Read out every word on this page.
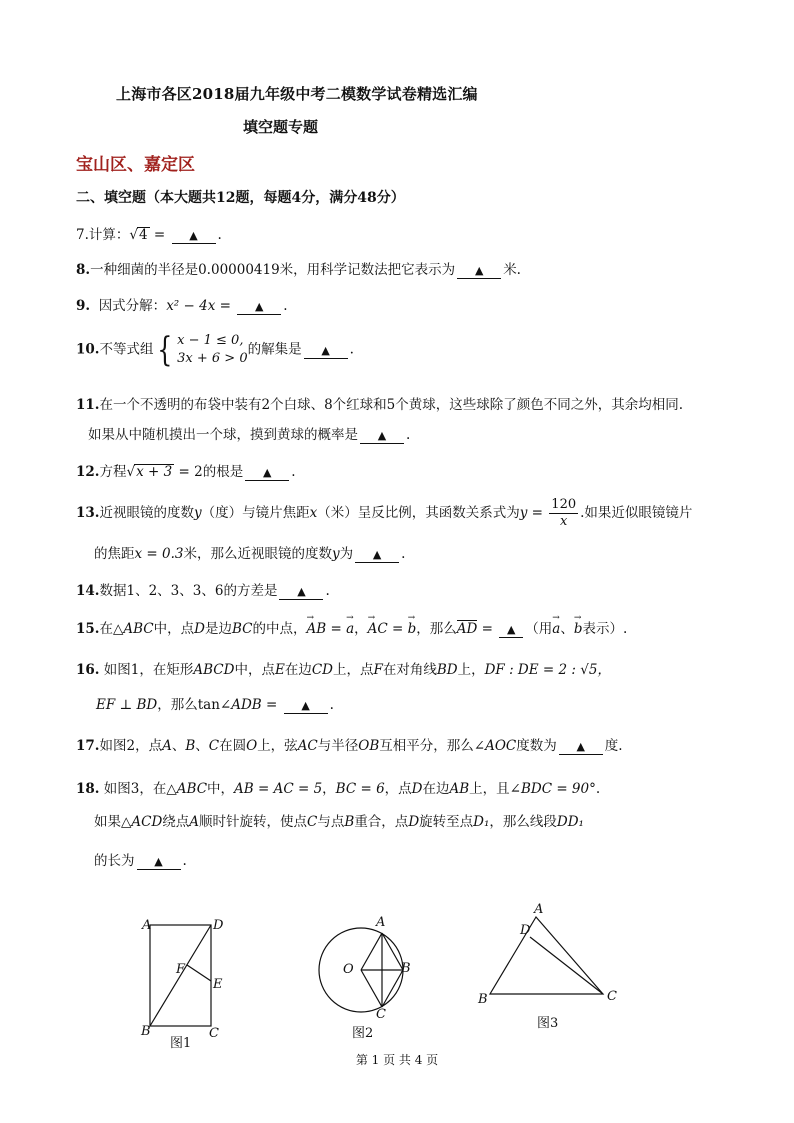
上海市各区2018届九年级中考二模数学试卷精选汇编
填空题专题
宝山区、嘉定区
二、填空题（本大题共12题，每题4分，满分48分）
7.计算：√4 = ▲ .
8.一种细菌的半径是0.00000419米，用科学记数法把它表示为 ▲ 米.
9. 因式分解：x² − 4x = ▲ .
10.不等式组{ x − 1 ≤ 0,
3x + 6 > 0
的解集是 ▲ .
11.在一个不透明的布袋中装有2个白球、8个红球和5个黄球，这些球除了颜色不同之外，其余均相同.
如果从中随机摸出一个球，摸到黄球的概率是 ▲ .
12.方程√x + 3 = 2的根是 ▲ .
13.近视眼镜的度数y（度）与镜片焦距x（米）呈反比例，其函数关系式为$y = \frac{120}{x}$ .如果近似眼镜镜片
的焦距x = 0.3米，那么近视眼镜的度数y为 ▲ .
14.数据1、2、3、3、6的方差是 ▲ .
15.在△ABC中，点D是边BC的中点，→ AB = → a，→ AC = → b，那么AD = ▲ （用→ a、→ b表示）.
16. 如图1，在矩形ABCD中，点E在边CD上，点F在对角线BD上，DF : DE = 2 : √5，
EF ⊥ BD，那么tan∠ADB = ▲ .
17.如图2，点A、B、C在圆O上，弦AC与半径OB互相平分，那么∠AOC度数为 ▲ 度.
18. 如图3，在△ABC中，AB = AC = 5，BC = 6，点D在边AB上，且∠BDC = 90°.
如果△ACD绕点A顺时针旋转，使点C与点B重合，点D旋转至点D₁，那么线段DD₁
的长为 ▲ .
A	D
F
E
B	C
图1
A
O	B
C
图2
A
D
B	C
图3
第 1 页 共 4 页
